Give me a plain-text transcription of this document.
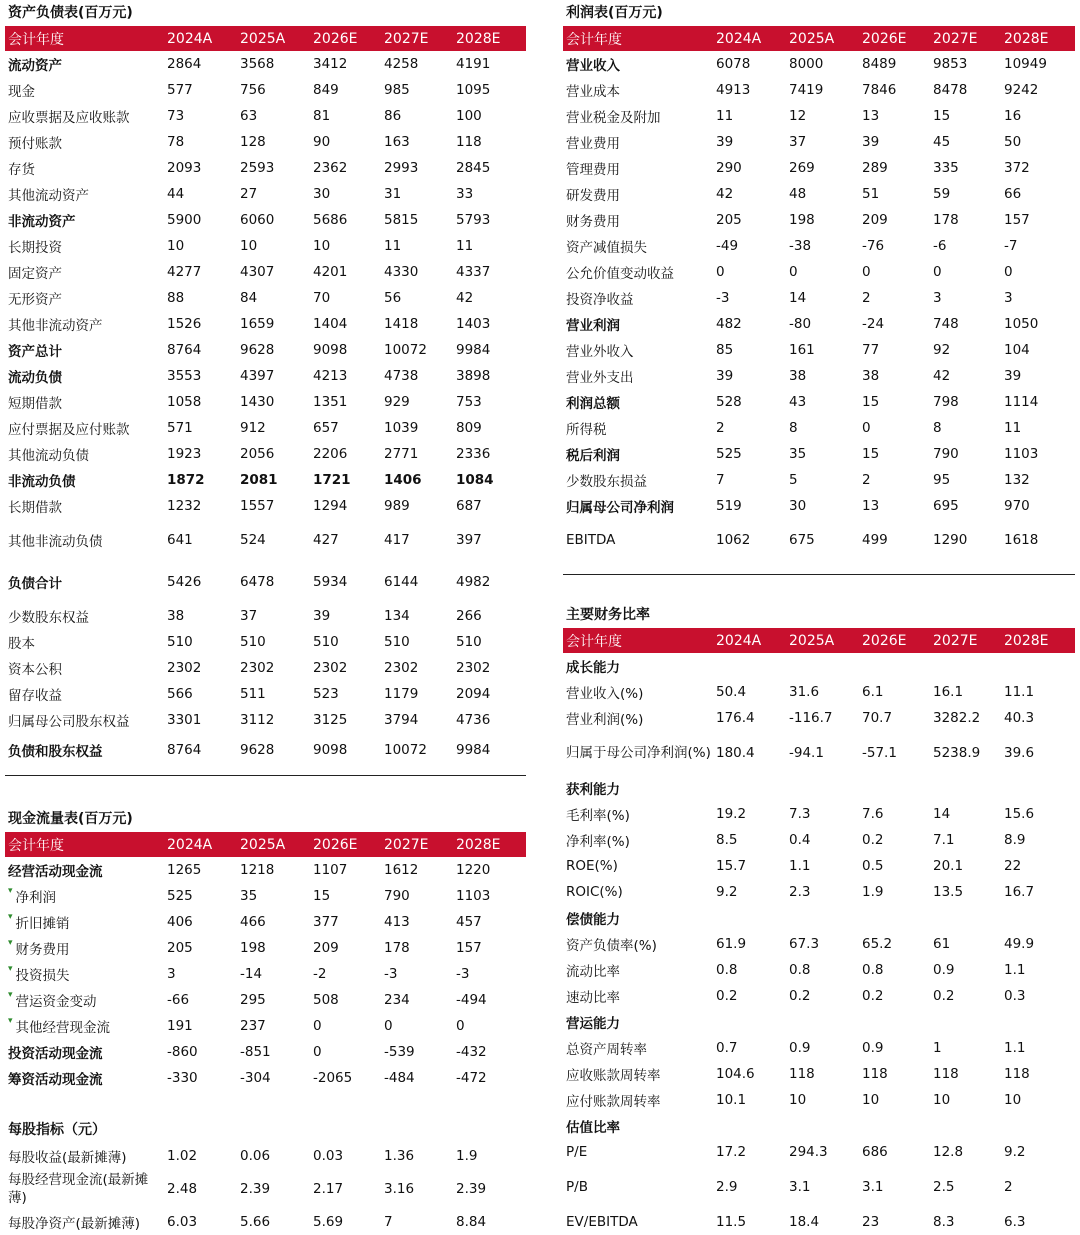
资产负债表(百万元)
会计年度	2024A	2025A	2026E	2027E	2028E
流动资产	2864	3568	3412	4258	4191
现金	577	756	849	985	1095
应收票据及应收账款	73	63	81	86	100
预付账款	78	128	90	163	118
存货	2093	2593	2362	2993	2845
其他流动资产	44	27	30	31	33
非流动资产	5900	6060	5686	5815	5793
长期投资	10	10	10	11	11
固定资产	4277	4307	4201	4330	4337
无形资产	88	84	70	56	42
其他非流动资产	1526	1659	1404	1418	1403
资产总计	8764	9628	9098	10072	9984
流动负债	3553	4397	4213	4738	3898
短期借款	1058	1430	1351	929	753
应付票据及应付账款	571	912	657	1039	809
其他流动负债	1923	2056	2206	2771	2336
非流动负债	1872	2081	1721	1406	1084
长期借款	1232	1557	1294	989	687
其他非流动负债	641	524	427	417	397
负债合计	5426	6478	5934	6144	4982
少数股东权益	38	37	39	134	266
股本	510	510	510	510	510
资本公积	2302	2302	2302	2302	2302
留存收益	566	511	523	1179	2094
归属母公司股东权益	3301	3112	3125	3794	4736
负债和股东权益	8764	9628	9098	10072	9984
现金流量表(百万元)
会计年度	2024A	2025A	2026E	2027E	2028E
经营活动现金流	1265	1218	1107	1612	1220
▾ 净利润	525	35	15	790	1103
▾ 折旧摊销	406	466	377	413	457
▾ 财务费用	205	198	209	178	157
▾ 投资损失	3	-14	-2	-3	-3
▾ 营运资金变动	-66	295	508	234	-494
▾ 其他经营现金流	191	237	0	0	0
投资活动现金流	-860	-851	0	-539	-432
筹资活动现金流	-330	-304	-2065	-484	-472
每股指标（元）
每股收益(最新摊薄)	1.02	0.06	0.03	1.36	1.9
每股经营现金流(最新摊薄)	2.48	2.39	2.17	3.16	2.39
每股净资产(最新摊薄)	6.03	5.66	5.69	7	8.84
利润表(百万元)
会计年度	2024A	2025A	2026E	2027E	2028E
营业收入	6078	8000	8489	9853	10949
营业成本	4913	7419	7846	8478	9242
营业税金及附加	11	12	13	15	16
营业费用	39	37	39	45	50
管理费用	290	269	289	335	372
研发费用	42	48	51	59	66
财务费用	205	198	209	178	157
资产减值损失	-49	-38	-76	-6	-7
公允价值变动收益	0	0	0	0	0
投资净收益	-3	14	2	3	3
营业利润	482	-80	-24	748	1050
营业外收入	85	161	77	92	104
营业外支出	39	38	38	42	39
利润总额	528	43	15	798	1114
所得税	2	8	0	8	11
税后利润	525	35	15	790	1103
少数股东损益	7	5	2	95	132
归属母公司净利润	519	30	13	695	970
EBITDA	1062	675	499	1290	1618
主要财务比率
会计年度	2024A	2025A	2026E	2027E	2028E
成长能力					
营业收入(%)	50.4	31.6	6.1	16.1	11.1
营业利润(%)	176.4	-116.7	70.7	3282.2	40.3
归属于母公司净利润(%)	180.4	-94.1	-57.1	5238.9	39.6
获利能力					
毛利率(%)	19.2	7.3	7.6	14	15.6
净利率(%)	8.5	0.4	0.2	7.1	8.9
ROE(%)	15.7	1.1	0.5	20.1	22
ROIC(%)	9.2	2.3	1.9	13.5	16.7
偿债能力					
资产负债率(%)	61.9	67.3	65.2	61	49.9
流动比率	0.8	0.8	0.8	0.9	1.1
速动比率	0.2	0.2	0.2	0.2	0.3
营运能力					
总资产周转率	0.7	0.9	0.9	1	1.1
应收账款周转率	104.6	118	118	118	118
应付账款周转率	10.1	10	10	10	10
估值比率					
P/E	17.2	294.3	686	12.8	9.2
P/B	2.9	3.1	3.1	2.5	2
EV/EBITDA	11.5	18.4	23	8.3	6.3
